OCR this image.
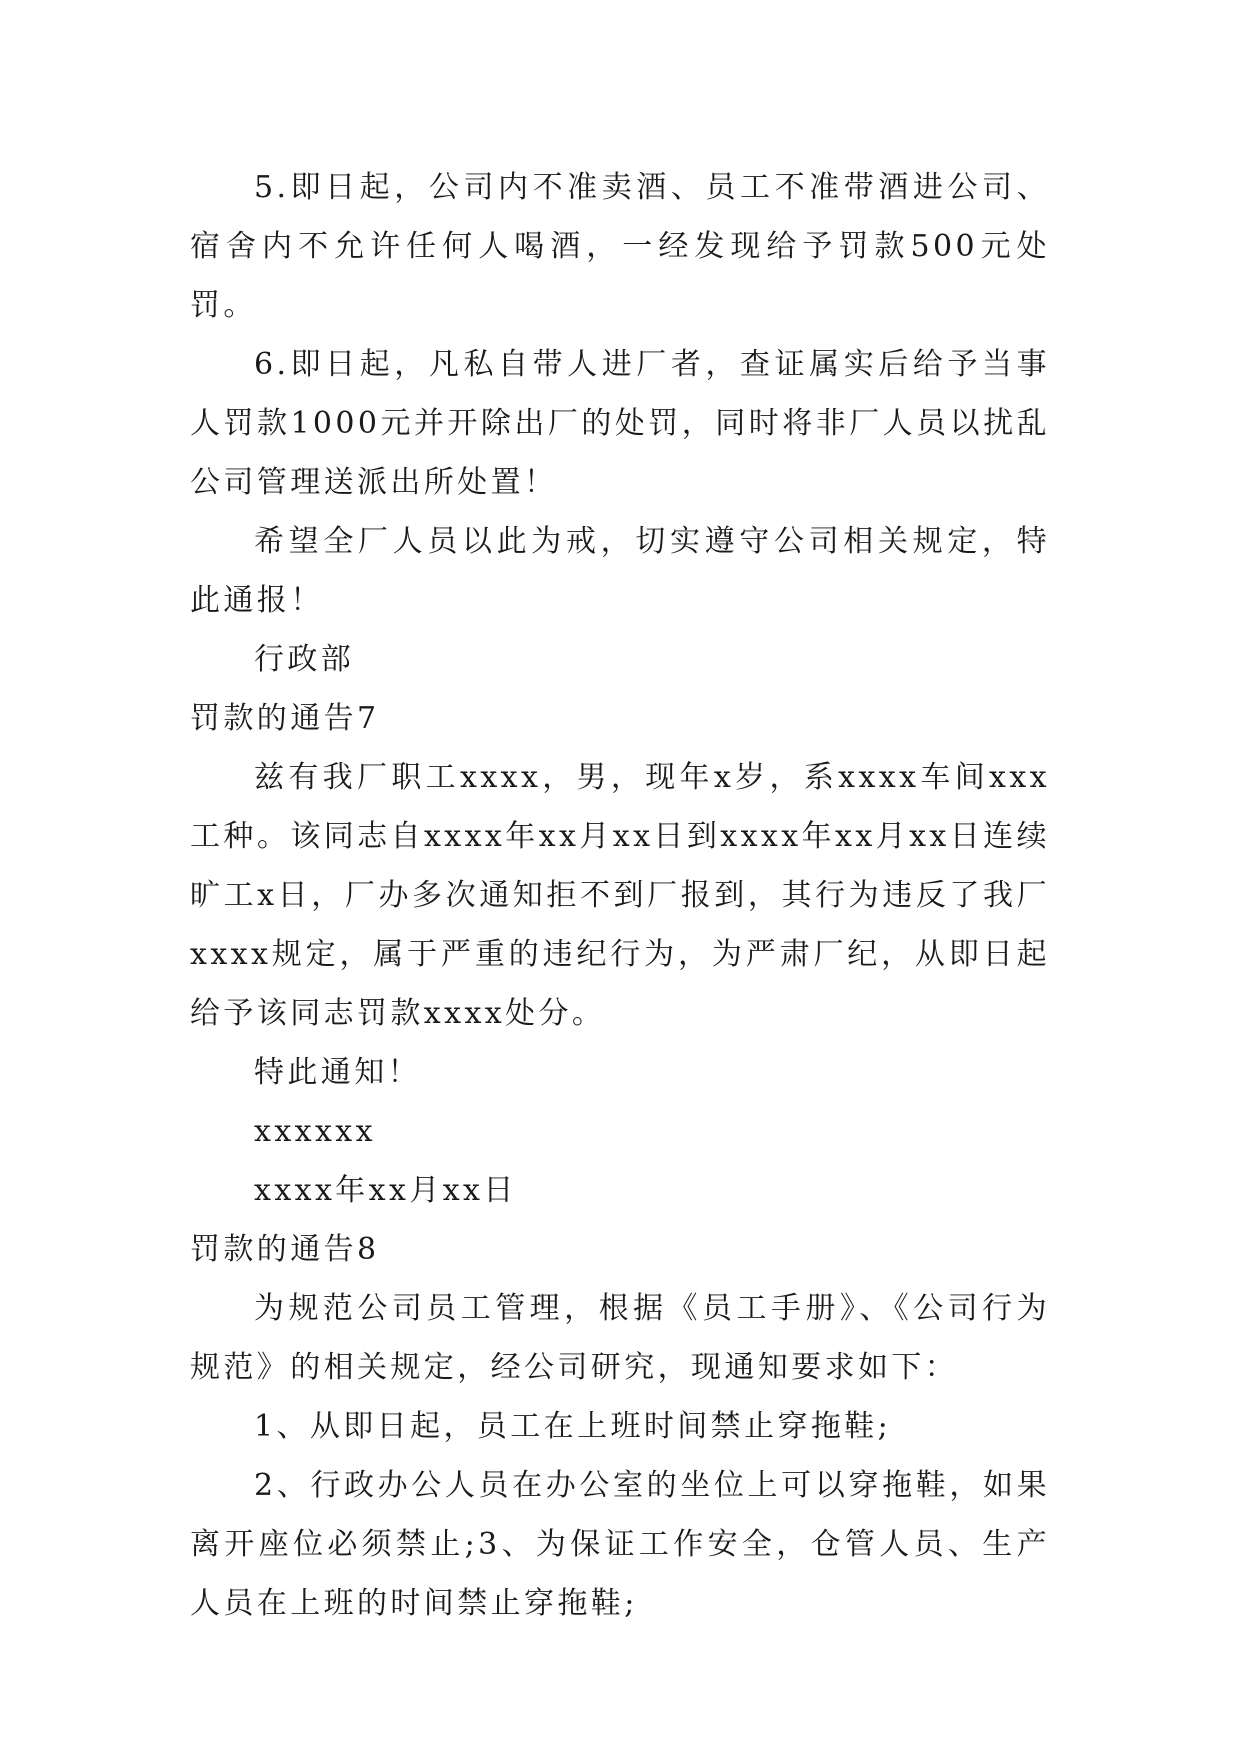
5.即日起，公司内不准卖酒、员工不准带酒进公司、宿舍内不允许任何人喝酒，一经发现给予罚款500元处罚。

6.即日起，凡私自带人进厂者，查证属实后给予当事人罚款1000元并开除出厂的处罚，同时将非厂人员以扰乱公司管理送派出所处置！

希望全厂人员以此为戒，切实遵守公司相关规定，特此通报！

行政部

罚款的通告7

兹有我厂职工xxxx，男，现年x岁，系xxxx车间xxx工种。该同志自xxxx年xx月xx日到xxxx年xx月xx日连续旷工x日，厂办多次通知拒不到厂报到，其行为违反了我厂xxxx规定，属于严重的违纪行为，为严肃厂纪，从即日起给予该同志罚款xxxx处分。

特此通知！

xxxxxx

xxxx年xx月xx日

罚款的通告8

为规范公司员工管理，根据《员工手册》、《公司行为规范》的相关规定，经公司研究，现通知要求如下：

1、从即日起，员工在上班时间禁止穿拖鞋;

2、行政办公人员在办公室的坐位上可以穿拖鞋，如果离开座位必须禁止;3、为保证工作安全，仓管人员、生产人员在上班的时间禁止穿拖鞋;
